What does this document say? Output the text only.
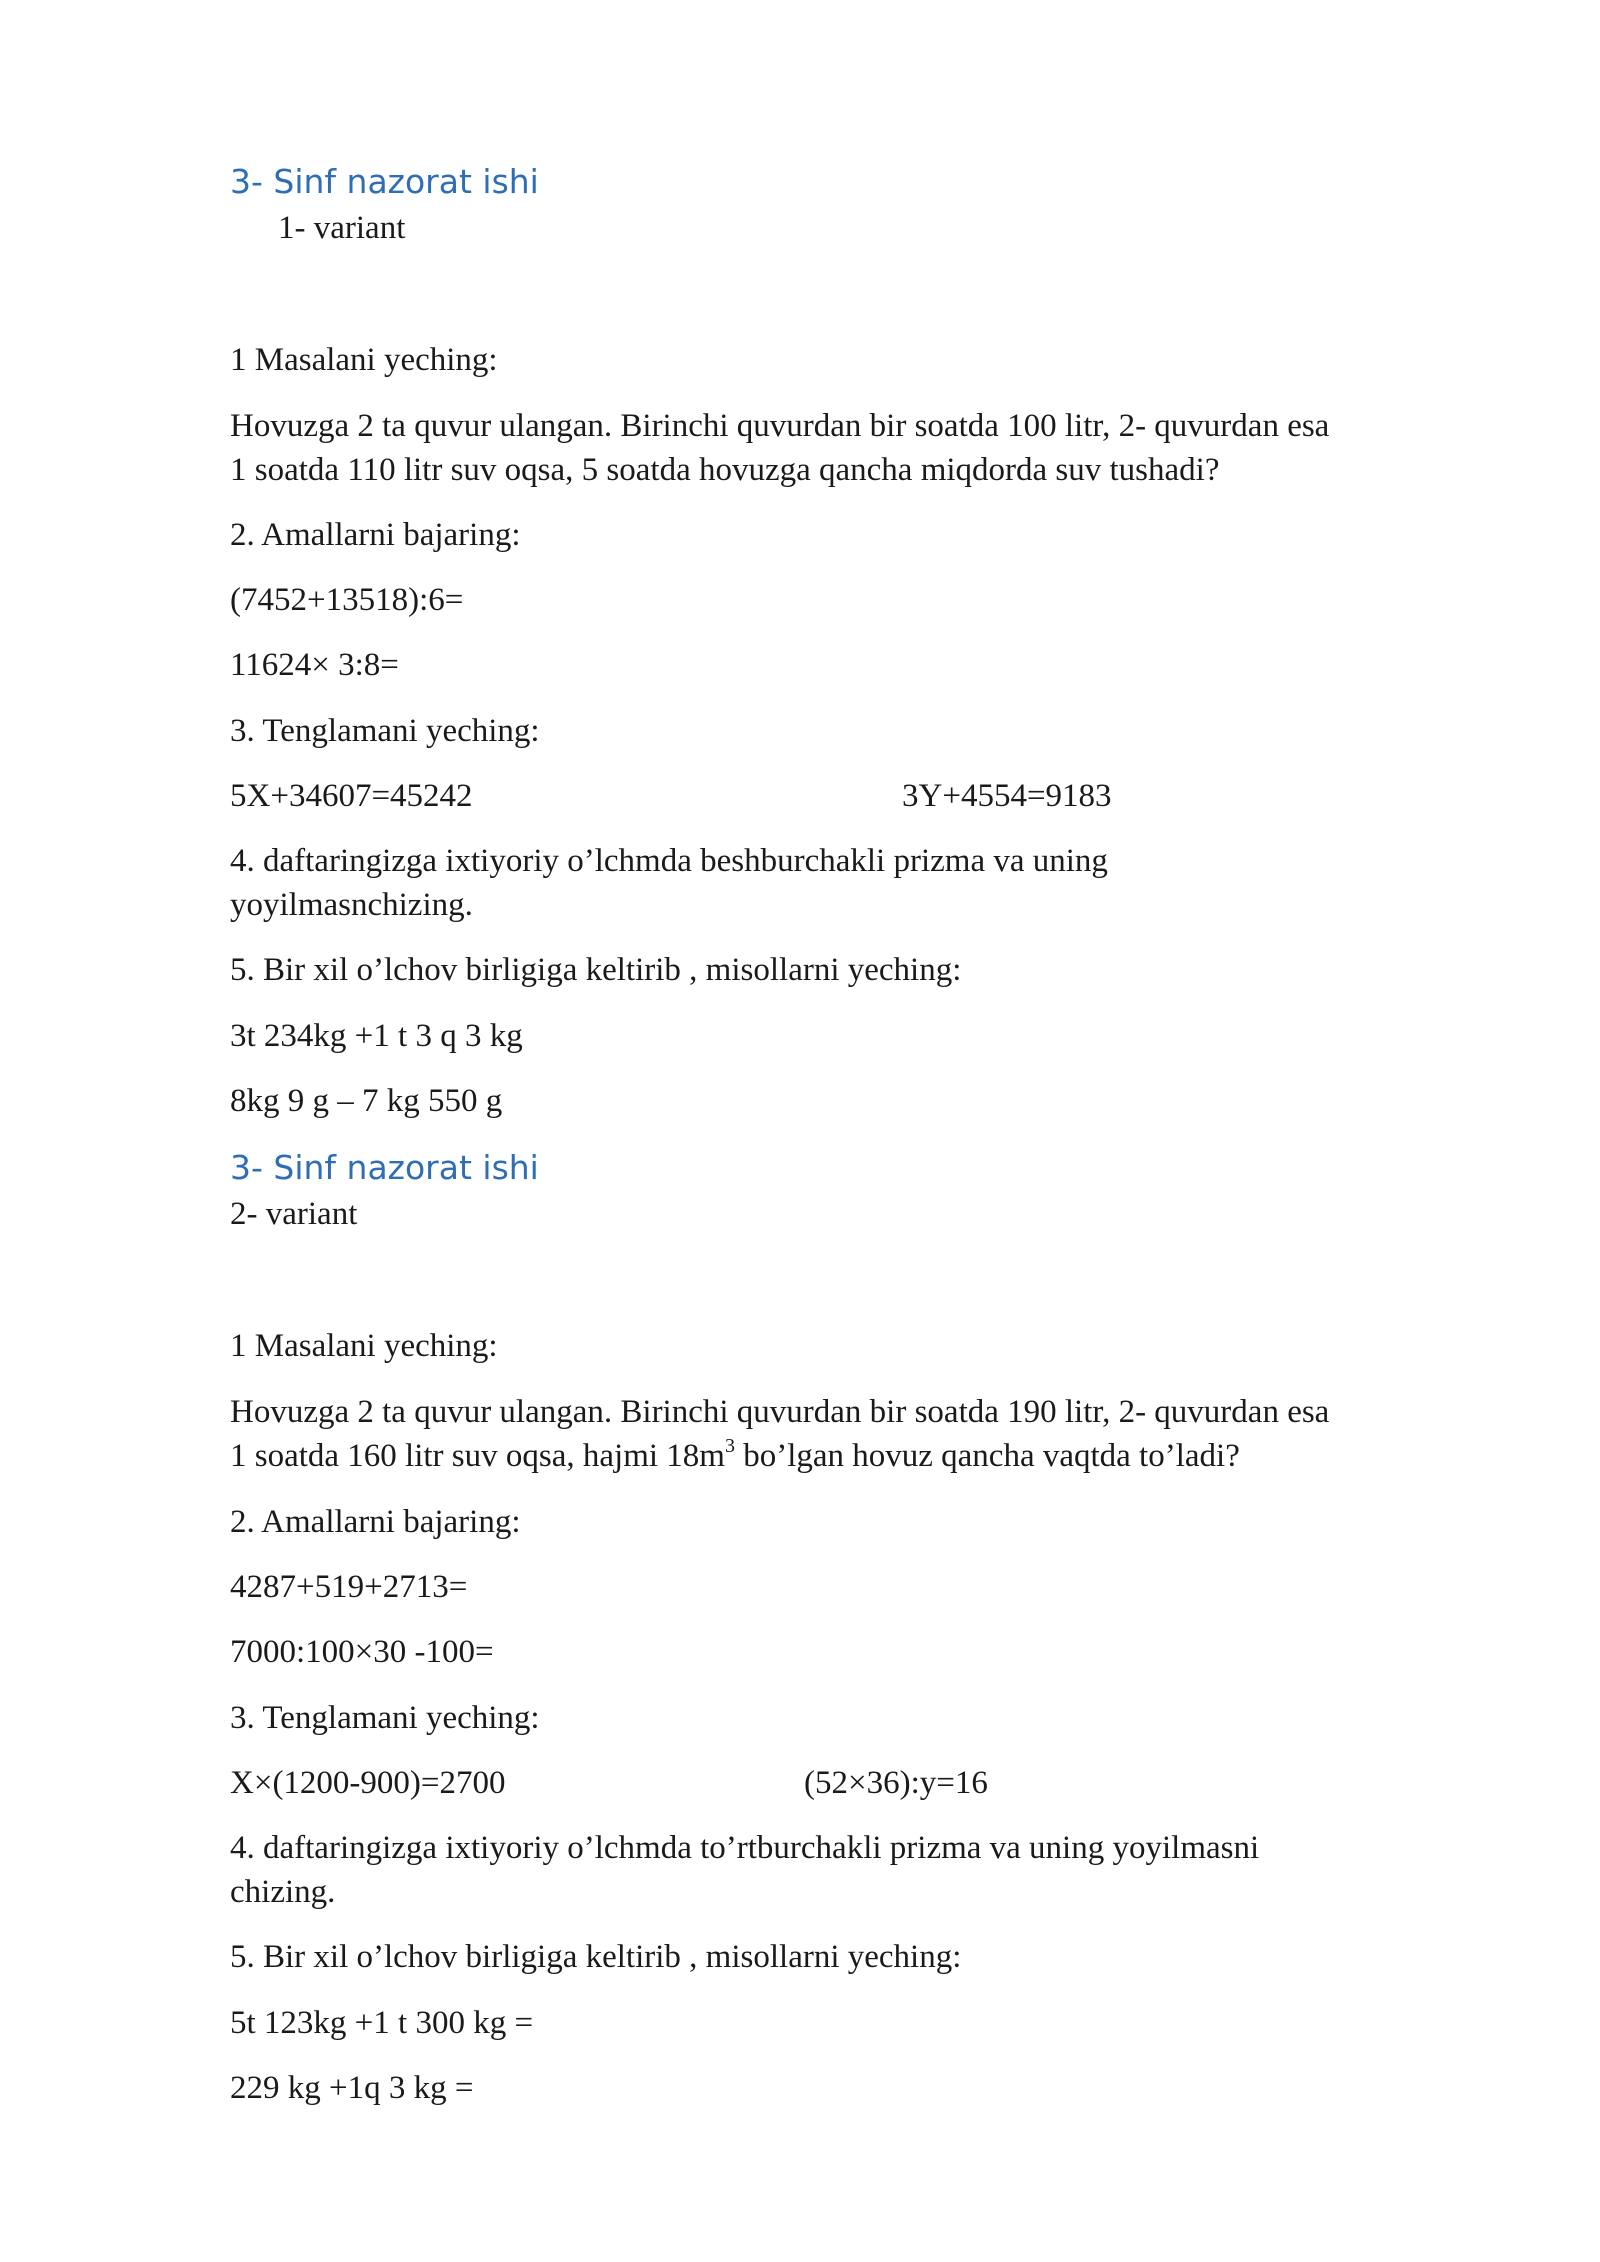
3- Sinf nazorat ishi

1- variant

1 Masalani yeching:

Hovuzga 2 ta quvur ulangan. Birinchi quvurdan bir soatda 100 litr, 2- quvurdan esa

1 soatda 110 litr suv oqsa, 5 soatda hovuzga qancha miqdorda suv tushadi?

2. Amallarni bajaring:

(7452+13518):6=

11624× 3:8=

3. Tenglamani yeching:

5X+34607=45242	3Y+4554=9183

4. daftaringizga ixtiyoriy o’lchmda beshburchakli prizma va uning

yoyilmasnchizing.

5. Bir xil o’lchov birligiga keltirib , misollarni yeching:

3t 234kg +1 t 3 q 3 kg

8kg 9 g – 7 kg 550 g

3- Sinf nazorat ishi

2- variant

1 Masalani yeching:

Hovuzga 2 ta quvur ulangan. Birinchi quvurdan bir soatda 190 litr, 2- quvurdan esa

1 soatda 160 litr suv oqsa, hajmi $18m^3$ bo’lgan hovuz qancha vaqtda to’ladi?

2. Amallarni bajaring:

4287+519+2713=

7000:100×30 -100=

3. Tenglamani yeching:

X×(1200-900)=2700	(52×36):y=16

4. daftaringizga ixtiyoriy o’lchmda to’rtburchakli prizma va uning yoyilmasni

chizing.

5. Bir xil o’lchov birligiga keltirib , misollarni yeching:

5t 123kg +1 t 300 kg =

229 kg +1q 3 kg =
